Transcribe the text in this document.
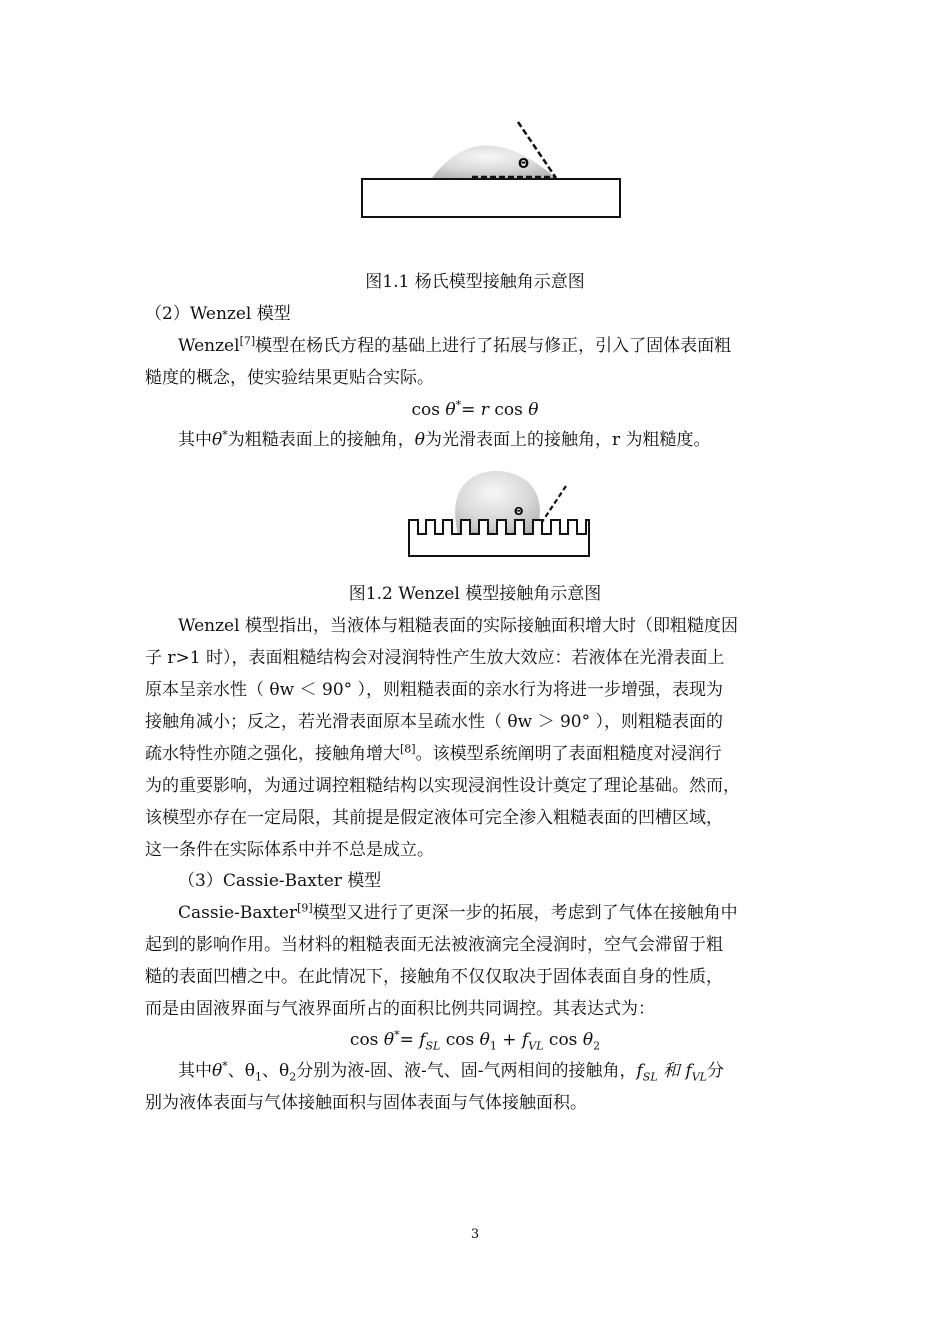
Θ
图1.1 杨氏模型接触角示意图
（2）Wenzel 模型
Wenzel[7]模型在杨氏方程的基础上进行了拓展与修正，引入了固体表面粗
糙度的概念，使实验结果更贴合实际。
cos θ*= r cos θ
其中θ*为粗糙表面上的接触角，θ为光滑表面上的接触角，r 为粗糙度。
Θ
图1.2 Wenzel 模型接触角示意图
Wenzel 模型指出，当液体与粗糙表面的实际接触面积增大时（即粗糙度因
子 r>1 时），表面粗糙结构会对浸润特性产生放大效应：若液体在光滑表面上
原本呈亲水性（ θw ＜ 90° ），则粗糙表面的亲水行为将进一步增强，表现为
接触角减小；反之，若光滑表面原本呈疏水性（ θw ＞ 90° ），则粗糙表面的
疏水特性亦随之强化，接触角增大[8]。该模型系统阐明了表面粗糙度对浸润行
为的重要影响，为通过调控粗糙结构以实现浸润性设计奠定了理论基础。然而，
该模型亦存在一定局限，其前提是假定液体可完全渗入粗糙表面的凹槽区域，
这一条件在实际体系中并不总是成立。
（3）Cassie-Baxter 模型
Cassie-Baxter[9]模型又进行了更深一步的拓展，考虑到了气体在接触角中
起到的影响作用。当材料的粗糙表面无法被液滴完全浸润时，空气会滞留于粗
糙的表面凹槽之中。在此情况下，接触角不仅仅取决于固体表面自身的性质，
而是由固液界面与气液界面所占的面积比例共同调控。其表达式为：
$\cos \theta^*= f_{SL}$ $\cos \theta_1 + f_{VL}$ $\cos \theta_2$
其中θ*、$\theta_1$、$\theta_2$分别为液-固、液-气、固-气两相间的接触角，$f_{SL}$ 和 $f_{VL}$分
别为液体表面与气体接触面积与固体表面与气体接触面积。
3
